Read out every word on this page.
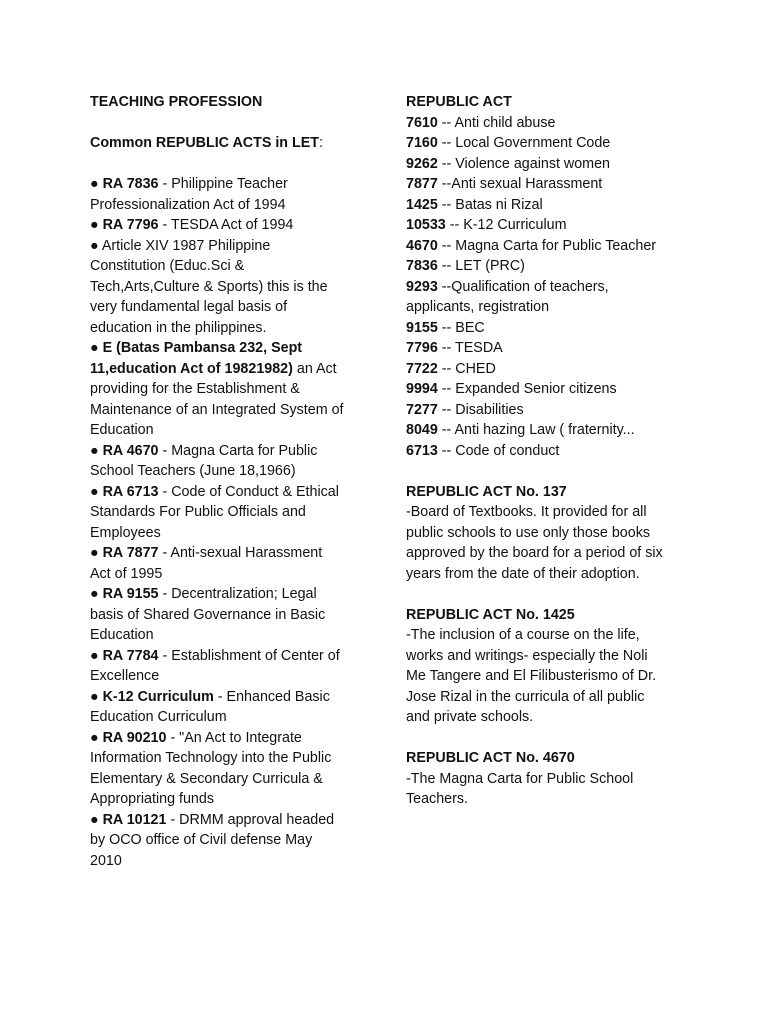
TEACHING PROFESSION
Common REPUBLIC ACTS in LET:
● RA 7836 - Philippine Teacher
Professionalization Act of 1994
● RA 7796 - TESDA Act of 1994
● Article XIV 1987 Philippine
Constitution (Educ.Sci &
Tech,Arts,Culture & Sports) this is the
very fundamental legal basis of
education in the philippines.
● E (Batas Pambansa 232, Sept
11,education Act of 19821982) an Act
providing for the Establishment &
Maintenance of an Integrated System of
Education
● RA 4670 - Magna Carta for Public
School Teachers (June 18,1966)
● RA 6713 - Code of Conduct & Ethical
Standards For Public Officials and
Employees
● RA 7877 - Anti-sexual Harassment
Act of 1995
● RA 9155 - Decentralization; Legal
basis of Shared Governance in Basic
Education
● RA 7784 - Establishment of Center of
Excellence
● K-12 Curriculum - Enhanced Basic
Education Curriculum
● RA 90210 - "An Act to Integrate
Information Technology into the Public
Elementary & Secondary Curricula &
Appropriating funds
● RA 10121 - DRMM approval headed
by OCO office of Civil defense May
2010
REPUBLIC ACT
7610 -- Anti child abuse
7160 -- Local Government Code
9262 -- Violence against women
7877 --Anti sexual Harassment
1425 -- Batas ni Rizal
10533 -- K-12 Curriculum
4670 -- Magna Carta for Public Teacher
7836 -- LET (PRC)
9293 --Qualification of teachers,
applicants, registration
9155 -- BEC
7796 -- TESDA
7722 -- CHED
9994 -- Expanded Senior citizens
7277 -- Disabilities
8049 -- Anti hazing Law ( fraternity...
6713 -- Code of conduct
REPUBLIC ACT No. 137
-Board of Textbooks. It provided for all
public schools to use only those books
approved by the board for a period of six
years from the date of their adoption.
REPUBLIC ACT No. 1425
-The inclusion of a course on the life,
works and writings- especially the Noli
Me Tangere and El Filibusterismo of Dr.
Jose Rizal in the curricula of all public
and private schools.
REPUBLIC ACT No. 4670
-The Magna Carta for Public School
Teachers.
